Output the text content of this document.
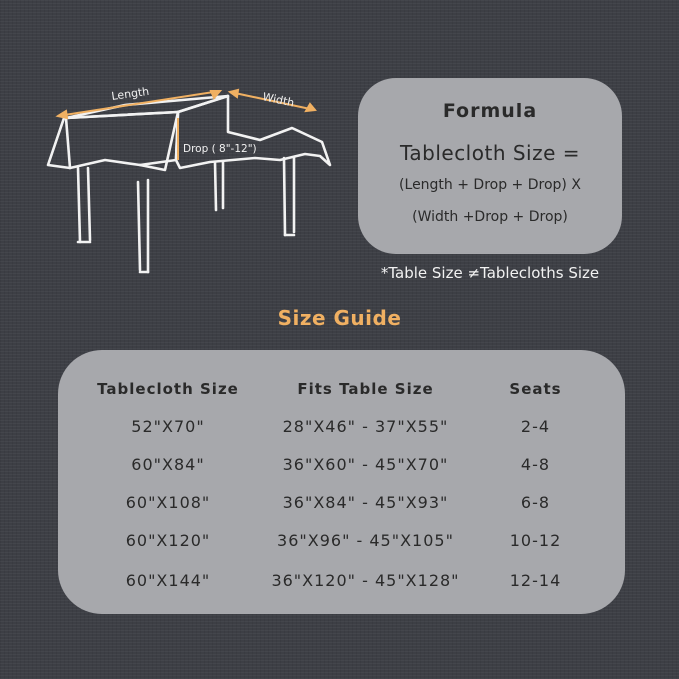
Length	Width
Drop ( 8"-12")
Formula
Tablecloth Size =
(Length + Drop + Drop) X
(Width +Drop + Drop)
*Table Size ≠Tablecloths Size
Size Guide
Tablecloth Size	Fits Table Size	Seats
52"X70"	28"X46" - 37"X55"	2-4
60"X84"	36"X60" - 45"X70"	4-8
60"X108"	36"X84" - 45"X93"	6-8
60"X120"	36"X96" - 45"X105"	10-12
60"X144"	36"X120" - 45"X128"	12-14
